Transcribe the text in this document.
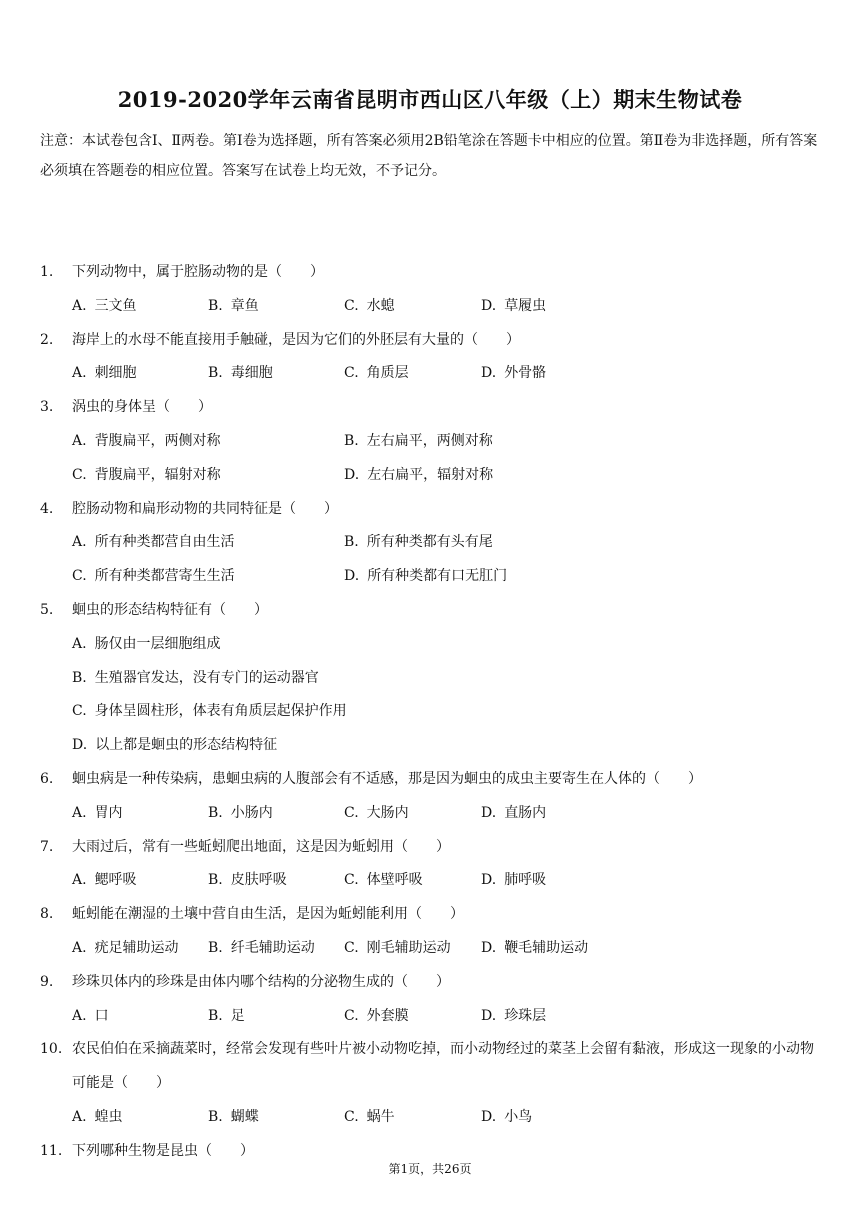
2019-2020学年云南省昆明市西山区八年级（上）期末生物试卷
注意：本试卷包含Ⅰ、Ⅱ两卷。第Ⅰ卷为选择题，所有答案必须用2B铅笔涂在答题卡中相应的位置。第Ⅱ卷为非选择题，所有答案必须填在答题卷的相应位置。答案写在试卷上均无效，不予记分。
1. 下列动物中，属于腔肠动物的是（　　）
A. 三文鱼	B. 章鱼	C. 水螅	D. 草履虫
2. 海岸上的水母不能直接用手触碰，是因为它们的外胚层有大量的（　　）
A. 刺细胞	B. 毒细胞	C. 角质层	D. 外骨骼
3. 涡虫的身体呈（　　）
A. 背腹扁平，两侧对称	B. 左右扁平，两侧对称
C. 背腹扁平，辐射对称	D. 左右扁平，辐射对称
4. 腔肠动物和扁形动物的共同特征是（　　）
A. 所有种类都营自由生活	B. 所有种类都有头有尾
C. 所有种类都营寄生生活	D. 所有种类都有口无肛门
5. 蛔虫的形态结构特征有（　　）
A. 肠仅由一层细胞组成
B. 生殖器官发达，没有专门的运动器官
C. 身体呈圆柱形，体表有角质层起保护作用
D. 以上都是蛔虫的形态结构特征
6. 蛔虫病是一种传染病，患蛔虫病的人腹部会有不适感，那是因为蛔虫的成虫主要寄生在人体的（　　）
A. 胃内	B. 小肠内	C. 大肠内	D. 直肠内
7. 大雨过后，常有一些蚯蚓爬出地面，这是因为蚯蚓用（　　）
A. 鳃呼吸	B. 皮肤呼吸	C. 体壁呼吸	D. 肺呼吸
8. 蚯蚓能在潮湿的土壤中营自由生活，是因为蚯蚓能利用（　　）
A. 疣足辅助运动 B. 纤毛辅助运动 C. 刚毛辅助运动 D. 鞭毛辅助运动
9. 珍珠贝体内的珍珠是由体内哪个结构的分泌物生成的（　　）
A. 口	B. 足	C. 外套膜	D. 珍珠层
10. 农民伯伯在采摘蔬菜时，经常会发现有些叶片被小动物吃掉，而小动物经过的菜茎上会留有黏液，形成这一现象的小动物可能是（　　）
A. 蝗虫	B. 蝴蝶	C. 蜗牛	D. 小鸟
11. 下列哪种生物是昆虫（　　）
第1页，共26页
